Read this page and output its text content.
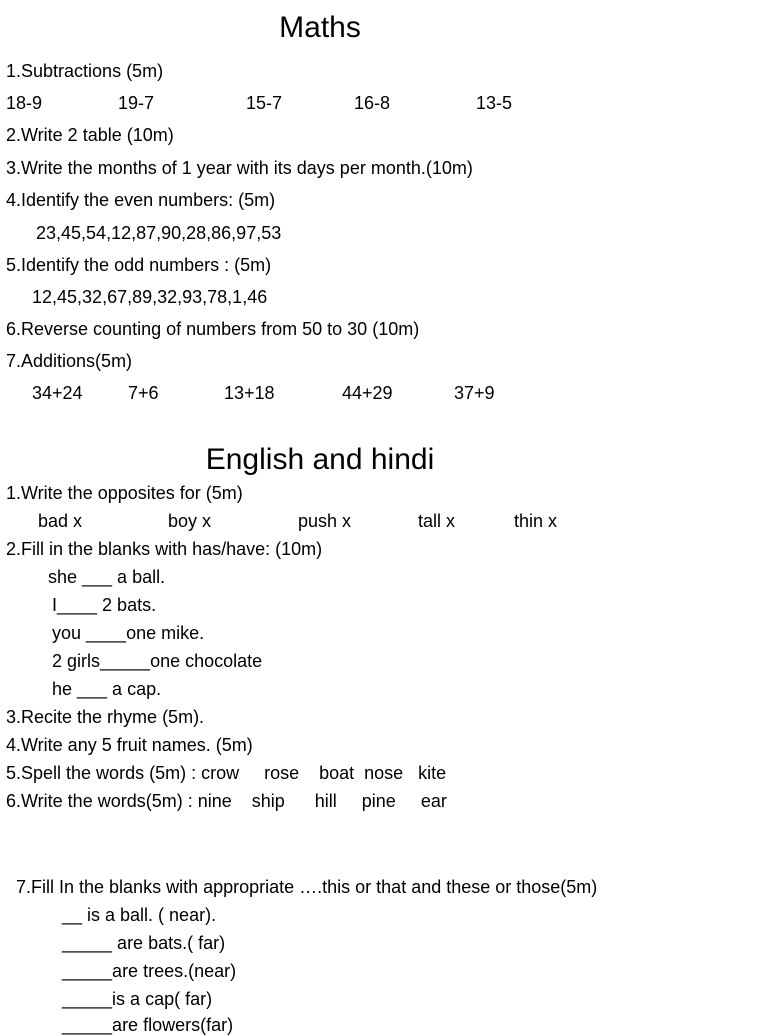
Maths
1.Subtractions (5m)
18-9	19-7	15-7	16-8	13-5
2.Write 2 table (10m)
3.Write the months of 1 year with its days per month.(10m)
4.Identify the even numbers: (5m)
23,45,54,12,87,90,28,86,97,53
5.Identify the odd numbers : (5m)
12,45,32,67,89,32,93,78,1,46
6.Reverse counting of numbers from 50 to 30 (10m)
7.Additions(5m)
34+24	7+6	13+18	44+29	37+9
English and hindi
1.Write the opposites for (5m)
bad x	boy x	push x	tall x	thin x
2.Fill in the blanks with has/have: (10m)
she ___ a ball.
I____ 2 bats.
you ____one mike.
2 girls_____one chocolate
he ___ a cap.
3.Recite the rhyme (5m).
4.Write any 5 fruit names. (5m)
5.Spell the words (5m) : crow     rose    boat  nose   kite
6.Write the words(5m) : nine    ship      hill     pine     ear
7.Fill In the blanks with appropriate ….this or that and these or those(5m)
__ is a ball. ( near).
_____ are bats.( far)
_____are trees.(near)
_____is a cap( far)
_____are flowers(far)
